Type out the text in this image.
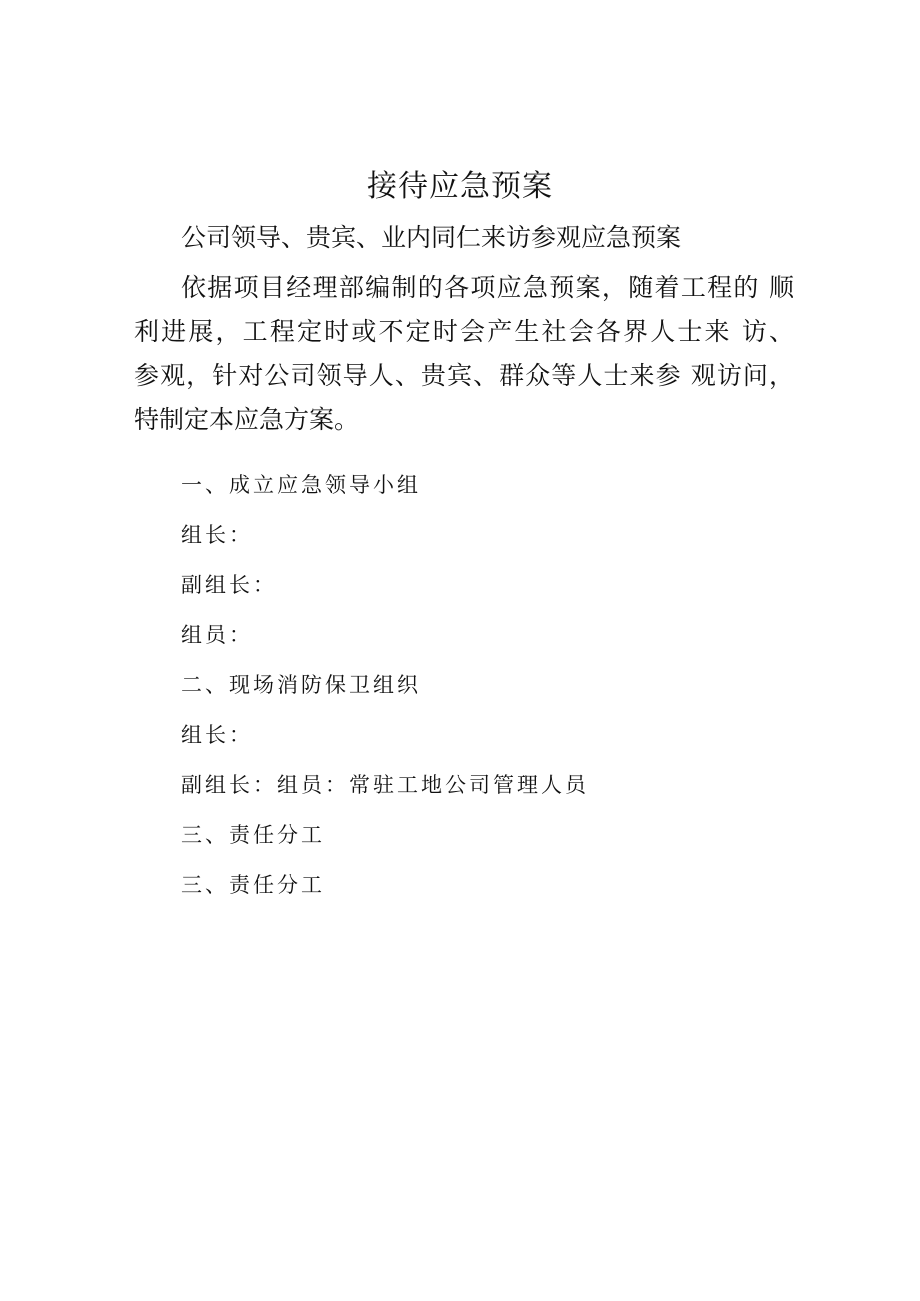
接待应急预案
公司领导、贵宾、业内同仁来访参观应急预案
依据项目经理部编制的各项应急预案，随着工程的 顺
利进展，工程定时或不定时会产生社会各界人士来 访、
参观，针对公司领导人、贵宾、群众等人士来参 观访问，
特制定本应急方案。
一、成立应急领导小组
组长：
副组长：
组员：
二、现场消防保卫组织
组长：
副组长：组员：常驻工地公司管理人员
三、责任分工
三、责任分工
